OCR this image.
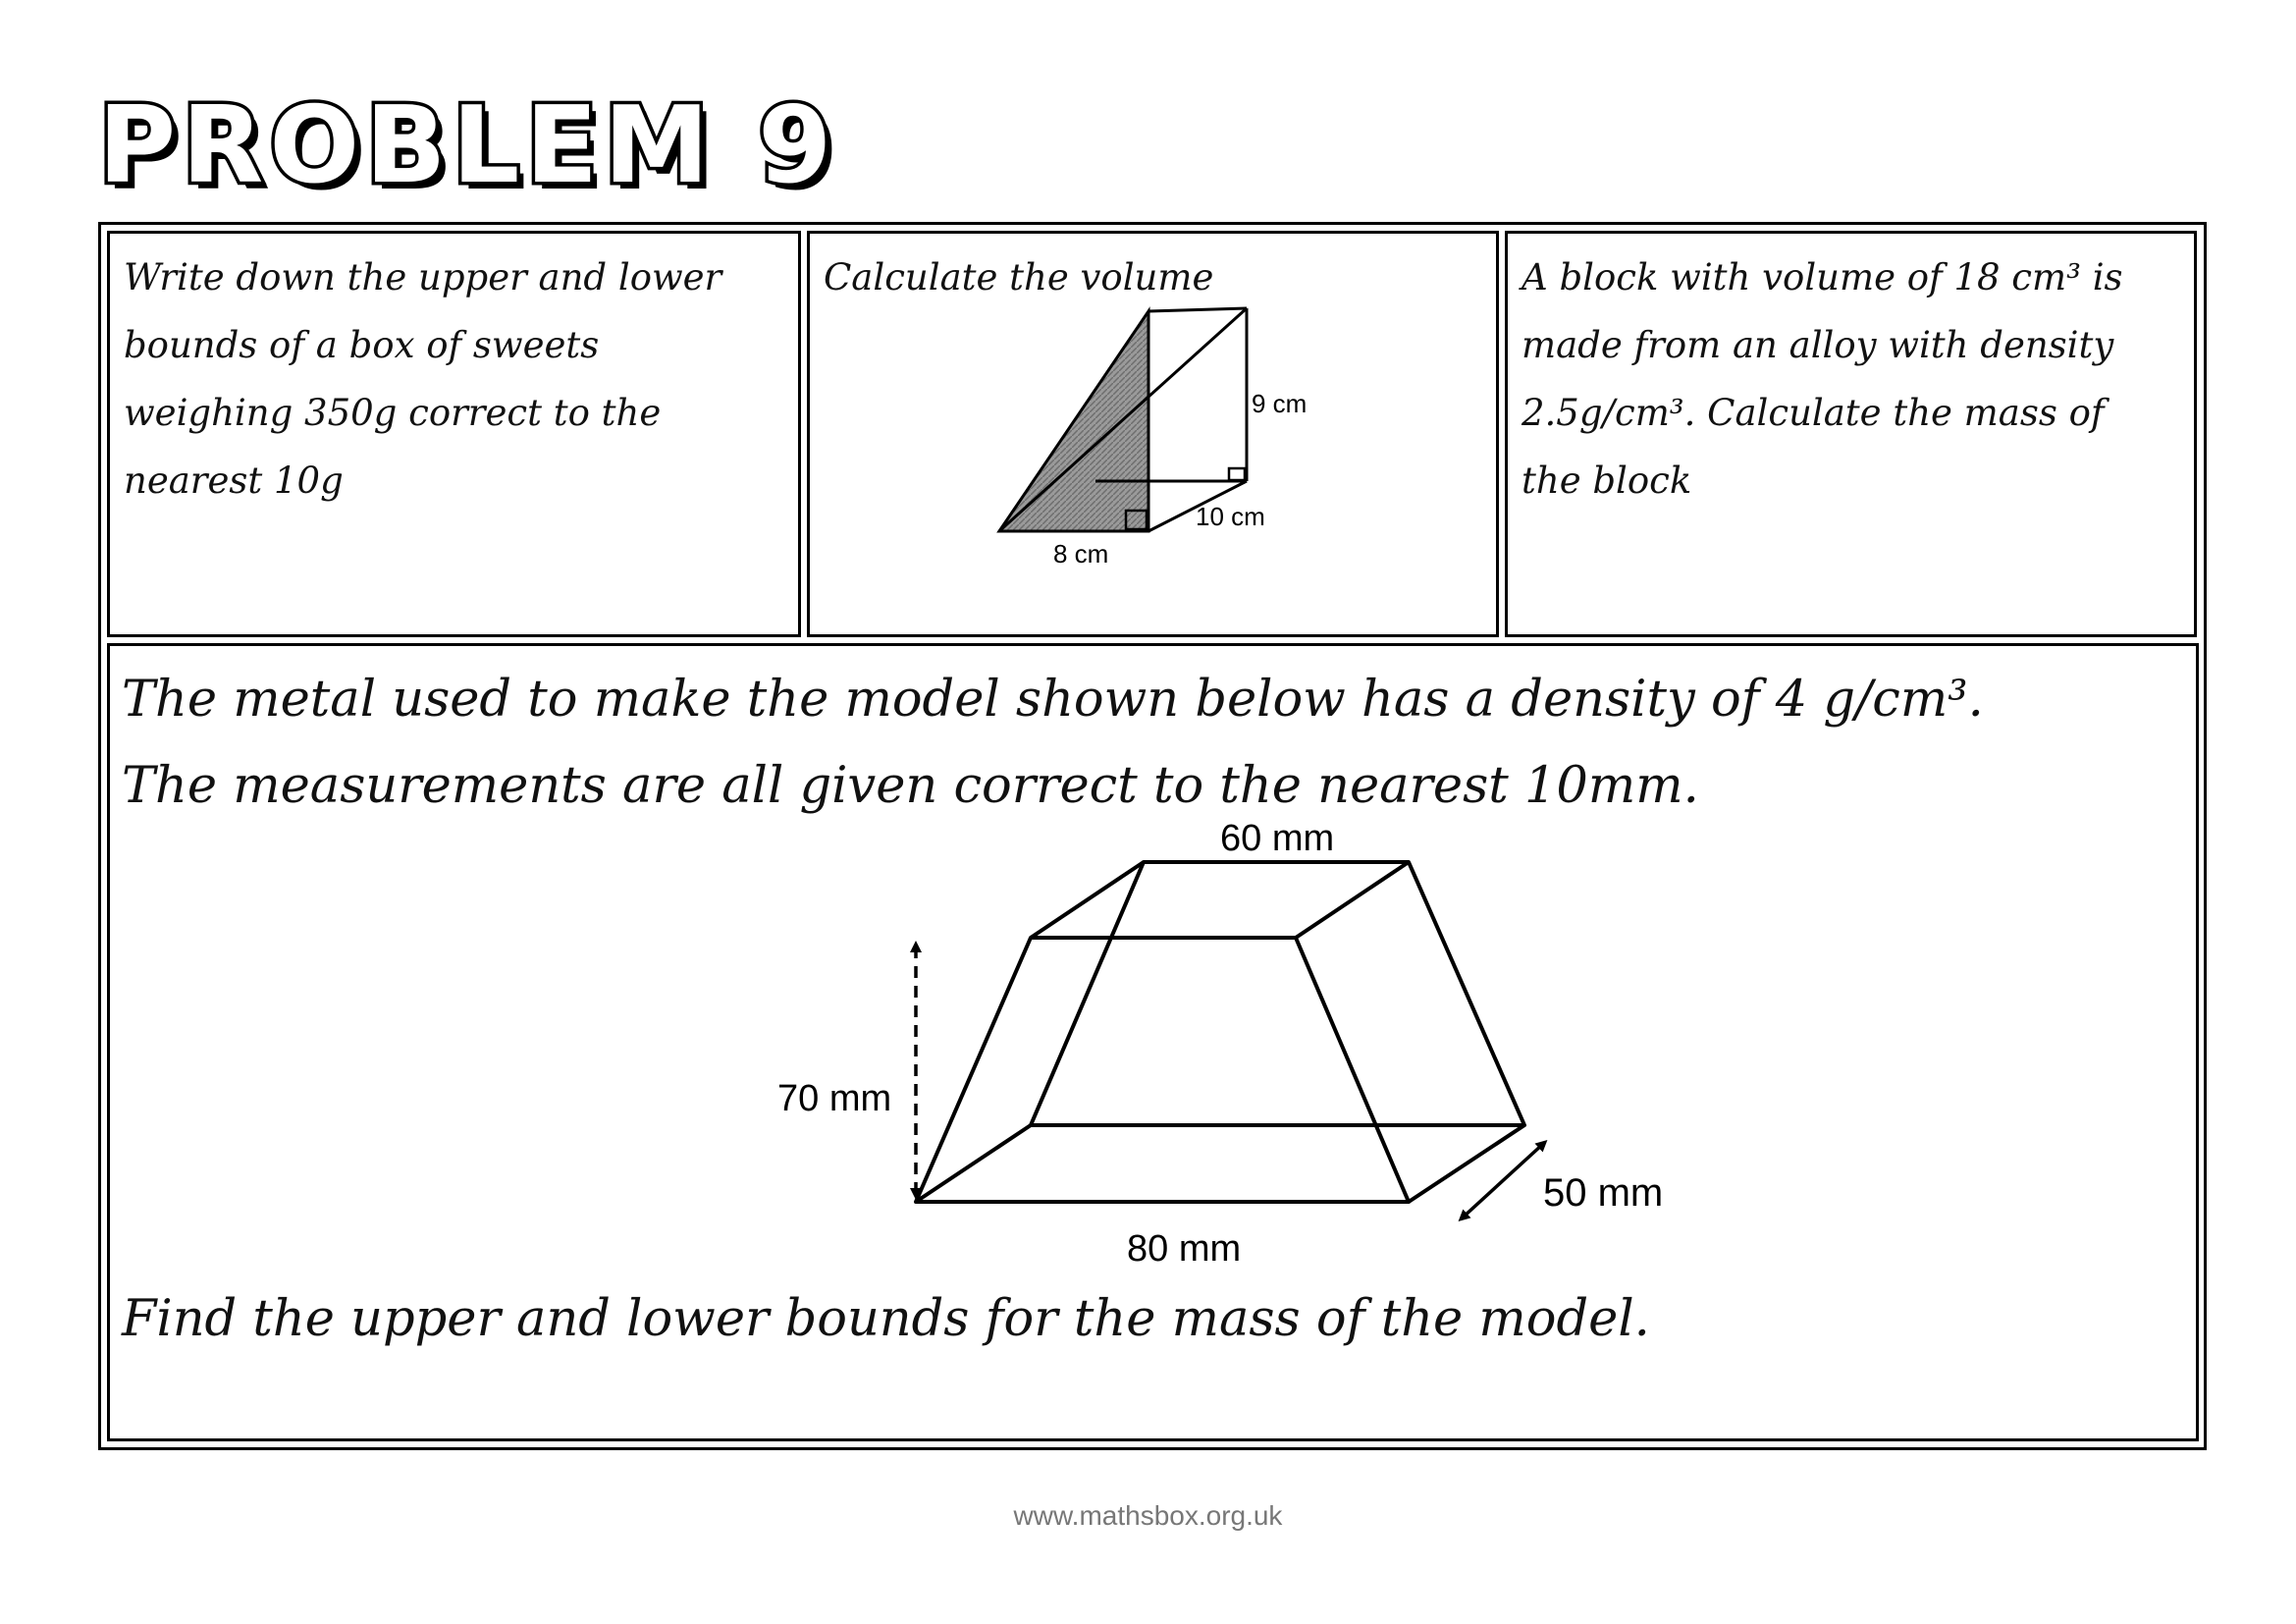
PROBLEM 9
Write down the upper and lower
bounds of a box of sweets
weighing 350g correct to the
nearest 10g
Calculate the volume	A block with volume of 18 cm³ is
made from an alloy with density
2.5g/cm³. Calculate the mass of
the block
The metal used to make the model shown below has a density of 4 g/cm³.
The measurements are all given correct to the nearest 10mm.
Find the upper and lower bounds for the mass of the model.
9 cm
10 cm
8 cm
60 mm
70 mm
80 mm
50 mm

www.mathsbox.org.uk
